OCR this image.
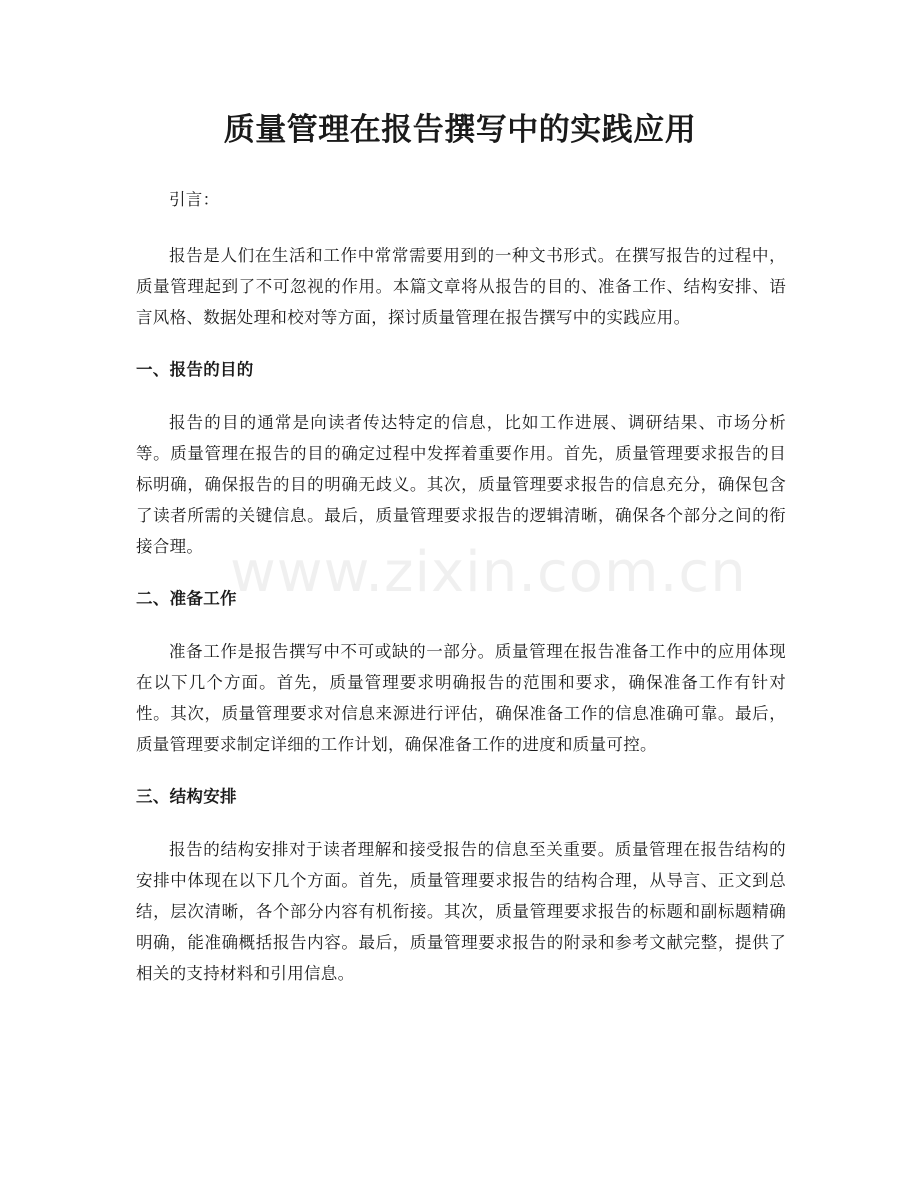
质量管理在报告撰写中的实践应用

引言：

报告是人们在生活和工作中常常需要用到的一种文书形式。在撰写报告的过程中，质量管理起到了不可忽视的作用。本篇文章将从报告的目的、准备工作、结构安排、语言风格、数据处理和校对等方面，探讨质量管理在报告撰写中的实践应用。

一、报告的目的

报告的目的通常是向读者传达特定的信息，比如工作进展、调研结果、市场分析等。质量管理在报告的目的确定过程中发挥着重要作用。首先，质量管理要求报告的目标明确，确保报告的目的明确无歧义。其次，质量管理要求报告的信息充分，确保包含了读者所需的关键信息。最后，质量管理要求报告的逻辑清晰，确保各个部分之间的衔接合理。

二、准备工作

准备工作是报告撰写中不可或缺的一部分。质量管理在报告准备工作中的应用体现在以下几个方面。首先，质量管理要求明确报告的范围和要求，确保准备工作有针对性。其次，质量管理要求对信息来源进行评估，确保准备工作的信息准确可靠。最后，质量管理要求制定详细的工作计划，确保准备工作的进度和质量可控。

三、结构安排

报告的结构安排对于读者理解和接受报告的信息至关重要。质量管理在报告结构的安排中体现在以下几个方面。首先，质量管理要求报告的结构合理，从导言、正文到总结，层次清晰，各个部分内容有机衔接。其次，质量管理要求报告的标题和副标题精确明确，能准确概括报告内容。最后，质量管理要求报告的附录和参考文献完整，提供了相关的支持材料和引用信息。

www.zixin.com.cn
